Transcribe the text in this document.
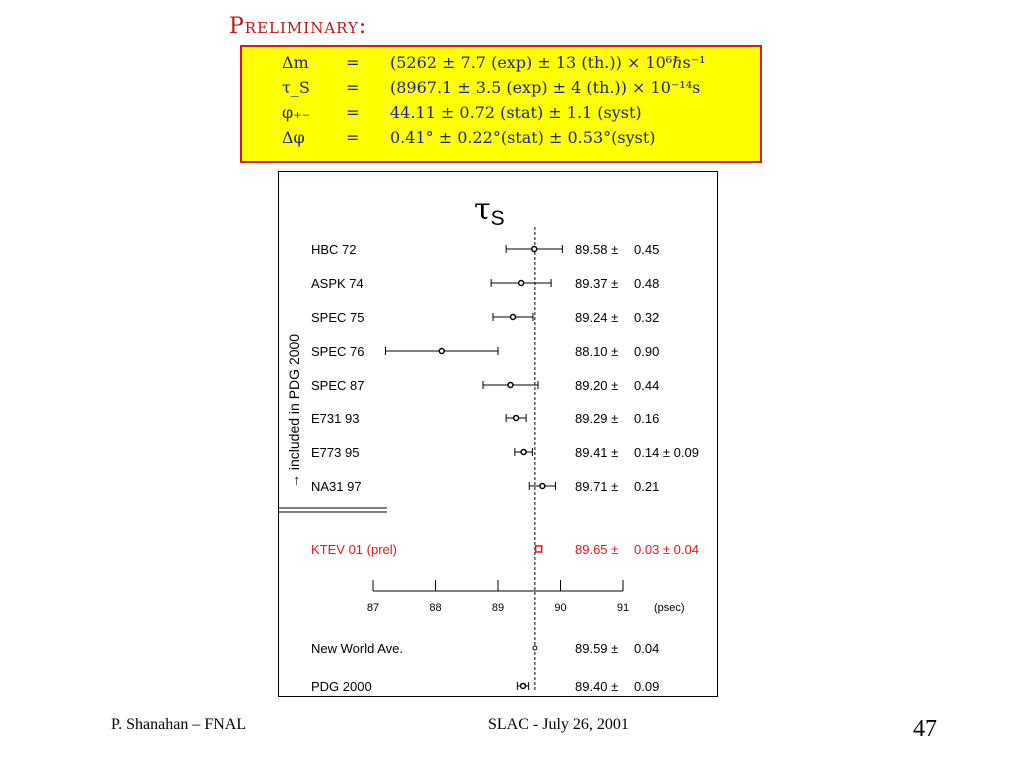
Preliminary:
Δm = (5262 ± 7.7 (exp) ± 13 (th.)) × 10⁶ℏs⁻¹
τ_S = (8967.1 ± 3.5 (exp) ± 4 (th.)) × 10⁻¹⁴s
φ₊₋ = 44.11 ± 0.72 (stat) ± 1.1 (syst)
Δφ	= 0.41° ± 0.22°(stat) ± 0.53°(syst)
$\tau_S$
→ included in PDG 2000
HBC 72	89.58 ± 0.45
ASPK 74	89.37 ± 0.48
SPEC 75	89.24 ± 0.32
SPEC 76	88.10 ± 0.90
SPEC 87	89.20 ± 0.44
E731 93	89.29 ± 0.16
E773 95	89.41 ± 0.14 ± 0.09
NA31 97	89.71 ± 0.21
KTEV 01 (prel)	89.65 ± 0.03 ± 0.04
New World Ave.	89.59 ± 0.04
PDG 2000	89.40 ± 0.09
87	88	89	90	91 (psec)
P. Shanahan – FNAL	SLAC - July 26, 2001	47
